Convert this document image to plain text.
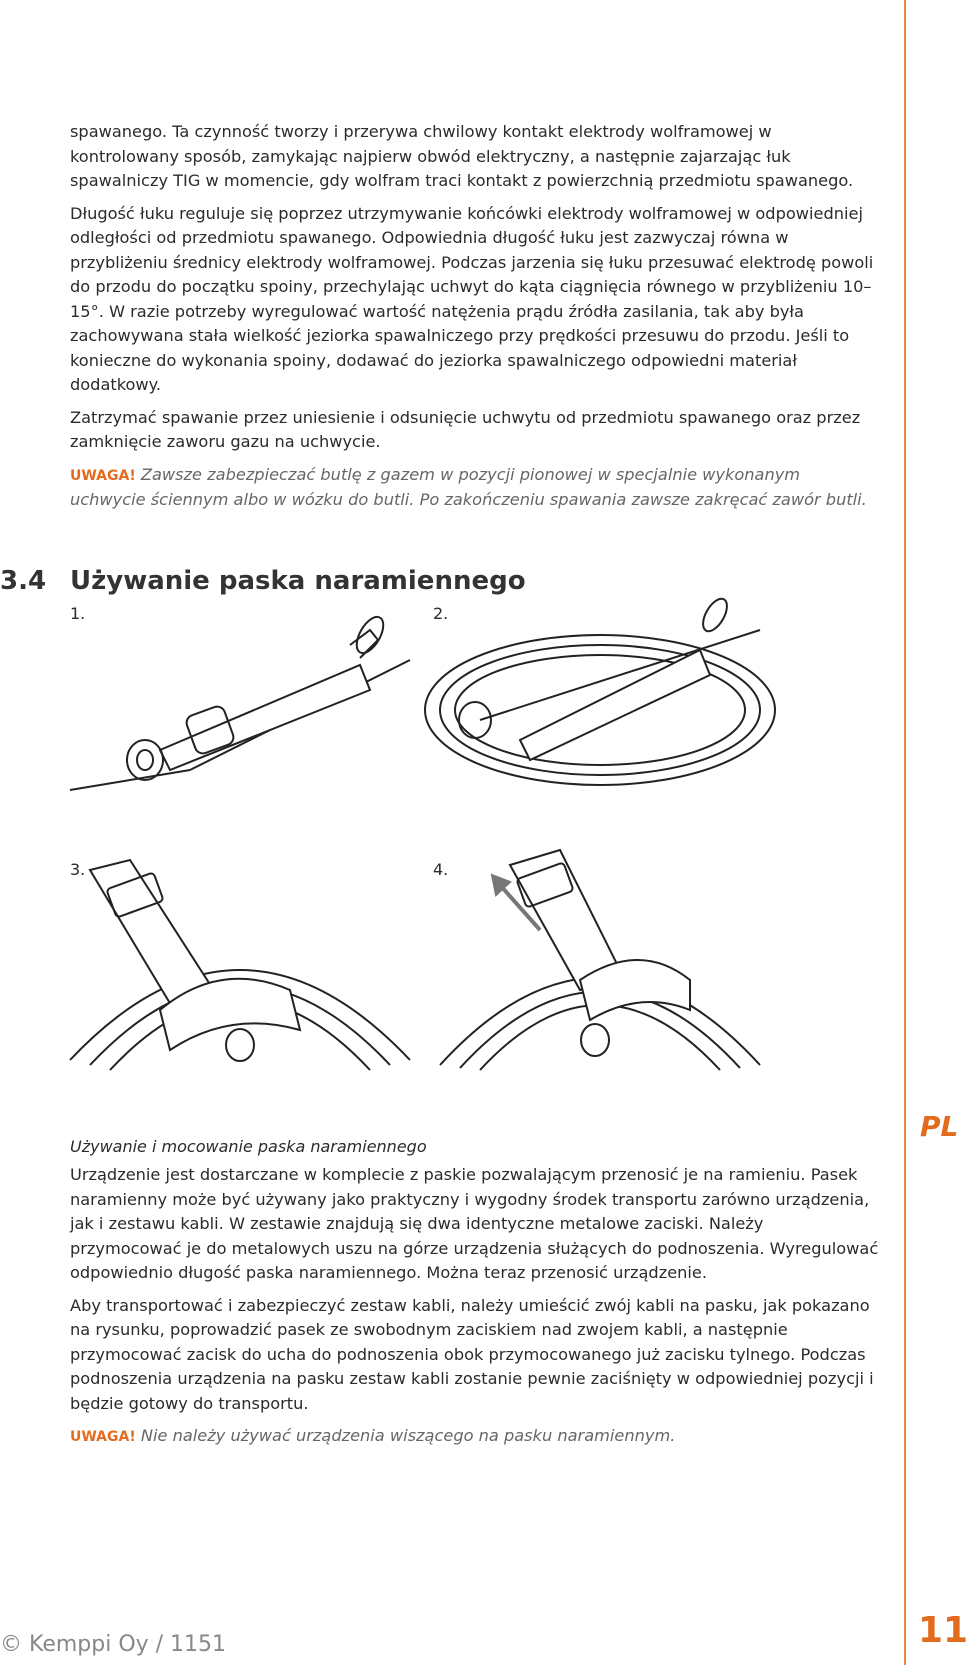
spawanego. Ta czynność tworzy i przerywa chwilowy kontakt elektrody wolframowej w kontrolowany sposób, zamykając najpierw obwód elektryczny, a następnie zajarzając łuk spawalniczy TIG w momencie, gdy wolfram traci kontakt z powierzchnią przedmiotu spawanego.

Długość łuku reguluje się poprzez utrzymywanie końcówki elektrody wolframowej w odpowiedniej odległości od przedmiotu spawanego. Odpowiednia długość łuku jest zazwyczaj równa w przybliżeniu średnicy elektrody wolframowej. Podczas jarzenia się łuku przesuwać elektrodę powoli do przodu do początku spoiny, przechylając uchwyt do kąta ciągnięcia równego w przybliżeniu 10–15°. W razie potrzeby wyregulować wartość natężenia prądu źródła zasilania, tak aby była zachowywana stała wielkość jeziorka spawalniczego przy prędkości przesuwu do przodu. Jeśli to konieczne do wykonania spoiny, dodawać do jeziorka spawalniczego odpowiedni materiał dodatkowy.

Zatrzymać spawanie przez uniesienie i odsunięcie uchwytu od przedmiotu spawanego oraz przez zamknięcie zaworu gazu na uchwycie.

UWAGA! Zawsze zabezpieczać butlę z gazem w pozycji pionowej w specjalnie wykonanym uchwycie ściennym albo w wózku do butli. Po zakończeniu spawania zawsze zakręcać zawór butli.

3.4 Używanie paska naramiennego
1.	2.
3.	4.
Używanie i mocowanie paska naramiennego

Urządzenie jest dostarczane w komplecie z paskie pozwalającym przenosić je na ramieniu. Pasek naramienny może być używany jako praktyczny i wygodny środek transportu zarówno urządzenia, jak i zestawu kabli. W zestawie znajdują się dwa identyczne metalowe zaciski. Należy przymocować je do metalowych uszu na górze urządzenia służących do podnoszenia. Wyregulować odpowiednio długość paska naramiennego. Można teraz przenosić urządzenie.

Aby transportować i zabezpieczyć zestaw kabli, należy umieścić zwój kabli na pasku, jak pokazano na rysunku, poprowadzić pasek ze swobodnym zaciskiem nad zwojem kabli, a następnie przymocować zacisk do ucha do podnoszenia obok przymocowanego już zacisku tylnego. Podczas podnoszenia urządzenia na pasku zestaw kabli zostanie pewnie zaciśnięty w odpowiedniej pozycji i będzie gotowy do transportu.

UWAGA! Nie należy używać urządzenia wiszącego na pasku naramiennym.

PL
© Kemppi Oy / 1151	11
